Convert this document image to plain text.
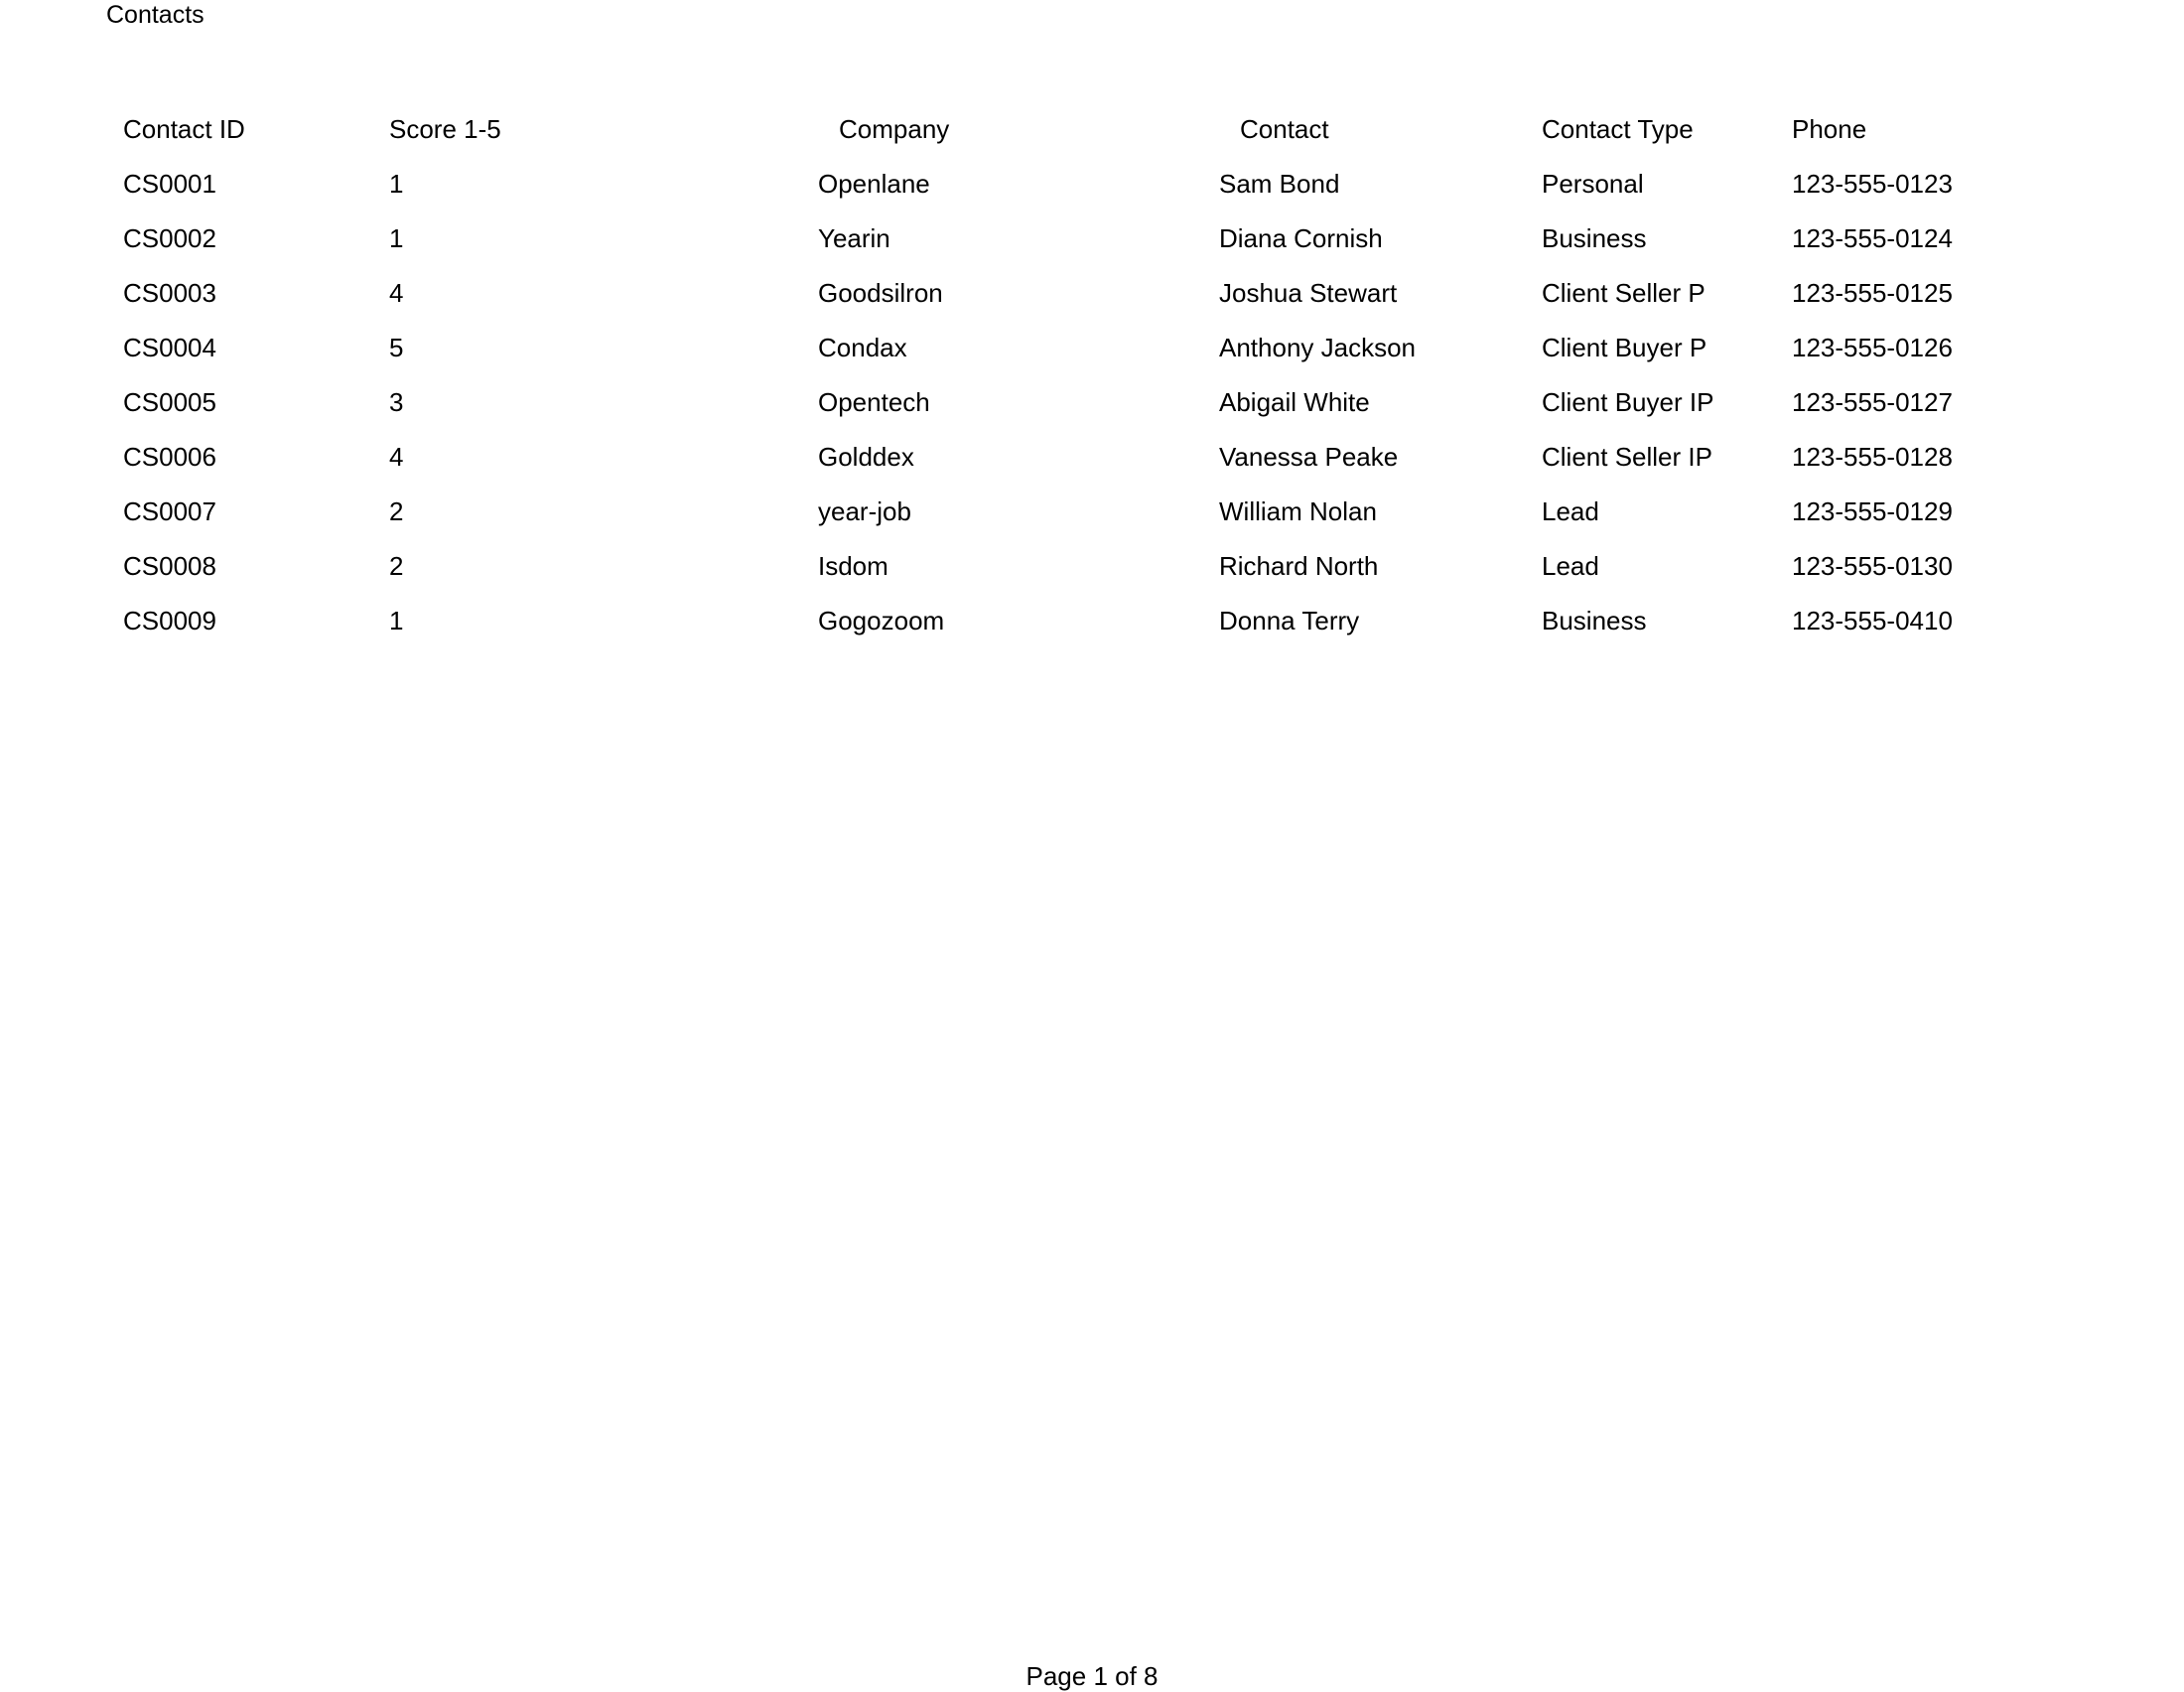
Contacts
Contact ID	Score 1-5	Company	Contact	Contact Type	Phone
CS0001	1	Openlane	Sam Bond	Personal	123-555-0123
CS0002	1	Yearin	Diana Cornish	Business	123-555-0124
CS0003	4	Goodsilron	Joshua Stewart	Client Seller P	123-555-0125
CS0004	5	Condax	Anthony Jackson	Client Buyer P	123-555-0126
CS0005	3	Opentech	Abigail White	Client Buyer IP	123-555-0127
CS0006	4	Golddex	Vanessa Peake	Client Seller IP	123-555-0128
CS0007	2	year-job	William Nolan	Lead	123-555-0129
CS0008	2	Isdom	Richard North	Lead	123-555-0130
CS0009	1	Gogozoom	Donna Terry	Business	123-555-0410
Page 1 of 8
